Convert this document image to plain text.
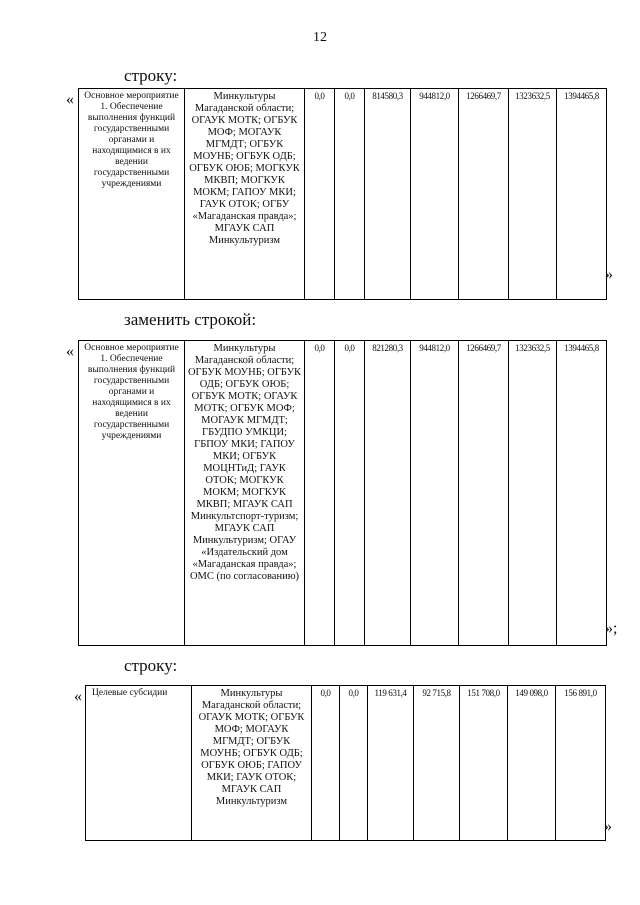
12
строку:
« Основное мероприятие 1. Обеспечение выполнения функций государственными органами и находящимися в их ведении государственными учреждениями	Минкультуры Магаданской области; ОГАУК МОТК; ОГБУК МОФ; МОГАУК МГМДТ; ОГБУК МОУНБ; ОГБУК ОДБ; ОГБУК ОЮБ; МОГКУК МКВП; МОГКУК МОКМ; ГАПОУ МКИ; ГАУК ОТОК; ОГБУ «Магаданская правда»; МГАУК САП Минкультуризм	0,0	0,0	814580,3	944812,0	1266469,7	1323632,5	1394465,8
»
заменить строкой:
« Основное мероприятие 1. Обеспечение выполнения функций государственными органами и находящимися в их ведении государственными учреждениями	Минкультуры Магаданской области; ОГБУК МОУНБ; ОГБУК ОДБ; ОГБУК ОЮБ; ОГБУК МОТК; ОГАУК МОТК; ОГБУК МОФ; МОГАУК МГМДТ; ГБУДПО УМКЦИ; ГБПОУ МКИ; ГАПОУ МКИ; ОГБУК МОЦНТиД; ГАУК ОТОК; МОГКУК МОКМ; МОГКУК МКВП; МГАУК САП Минкультспорт-туризм; МГАУК САП Минкультуризм; ОГАУ «Издательский дом «Магаданская правда»; ОМС (по согласованию)	0,0	0,0	821280,3	944812,0	1266469,7	1323632,5	1394465,8
»;
строку:
« Целевые субсидии	Минкультуры Магаданской области; ОГАУК МОТК; ОГБУК МОФ; МОГАУК МГМДТ; ОГБУК МОУНБ; ОГБУК ОДБ; ОГБУК ОЮБ; ГАПОУ МКИ; ГАУК ОТОК; МГАУК САП Минкультуризм	0,0	0,0	119 631,4	92 715,8	151 708,0	149 098,0	156 891,0
»
